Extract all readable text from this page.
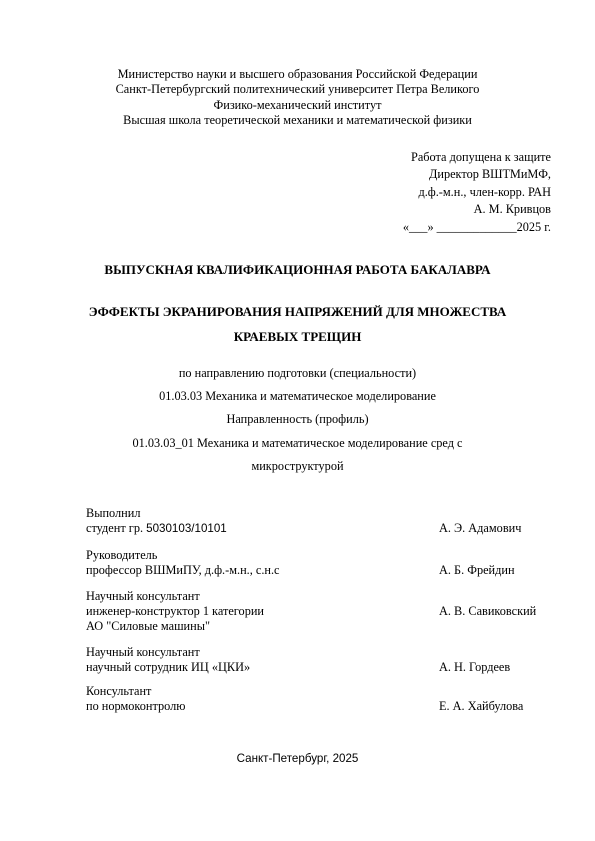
Министерство науки и высшего образования Российской Федерации
Санкт-Петербургский политехнический университет Петра Великого
Физико-механический институт
Высшая школа теоретической механики и математической физики
Работа допущена к защите
Директор ВШТМиМФ,
д.ф.-м.н., член-корр. РАН
А. М. Кривцов
«___» _____________2025 г.
ВЫПУСКНАЯ КВАЛИФИКАЦИОННАЯ РАБОТА БАКАЛАВРА
ЭФФЕКТЫ ЭКРАНИРОВАНИЯ НАПРЯЖЕНИЙ ДЛЯ МНОЖЕСТВА
КРАЕВЫХ ТРЕЩИН
по направлению подготовки (специальности)
01.03.03 Механика и математическое моделирование
Направленность (профиль)
01.03.03_01 Механика и математическое моделирование сред с
микроструктурой
Выполнил
студент гр. 5030103/10101	А. Э. Адамович
Руководитель
профессор ВШМиПУ, д.ф.-м.н., с.н.с	А. Б. Фрейдин
Научный консультант
инженер-конструктор 1 категории
АО "Силовые машины"
А. В. Савиковский
Научный консультант
научный сотрудник ИЦ «ЦКИ»	А. Н. Гордеев
Консультант
по нормоконтролю	Е. А. Хайбулова
Санкт-Петербург, 2025
